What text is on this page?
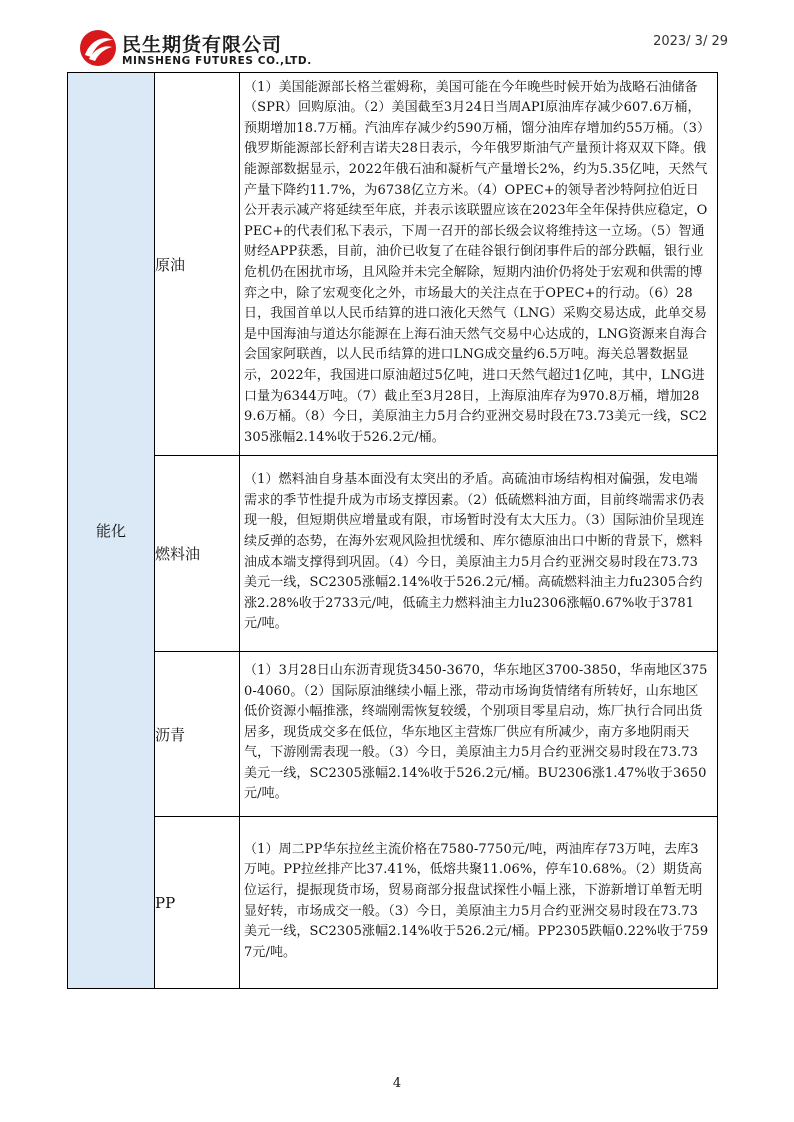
民生期货有限公司
MINSHENG FUTURES CO.,LTD.
2023/ 3/ 29
能化	原油	（1）美国能源部长格兰霍姆称，美国可能在今年晚些时候开始为战略石油储备（SPR）回购原油。（2）美国截至3月24日当周API原油库存减少607.6万桶，预期增加18.7万桶。汽油库存减少约590万桶，馏分油库存增加约55万桶。（3）俄罗斯能源部长舒利吉诺夫28日表示，今年俄罗斯油气产量预计将双双下降。俄能源部数据显示，2022年俄石油和凝析气产量增长2%，约为5.35亿吨，天然气产量下降约11.7%，为6738亿立方米。（4）OPEC+的领导者沙特阿拉伯近日公开表示减产将延续至年底，并表示该联盟应该在2023年全年保持供应稳定，OPEC+的代表们私下表示，下周一召开的部长级会议将维持这一立场。（5）智通财经APP获悉，目前，油价已收复了在硅谷银行倒闭事件后的部分跌幅，银行业危机仍在困扰市场，且风险并未完全解除，短期内油价仍将处于宏观和供需的博弈之中，除了宏观变化之外，市场最大的关注点在于OPEC+的行动。（6）28日，我国首单以人民币结算的进口液化天然气（LNG）采购交易达成，此单交易是中国海油与道达尔能源在上海石油天然气交易中心达成的，LNG资源来自海合会国家阿联酋，以人民币结算的进口LNG成交量约6.5万吨。海关总署数据显示，2022年，我国进口原油超过5亿吨，进口天然气超过1亿吨，其中，LNG进口量为6344万吨。（7）截止至3月28日，上海原油库存为970.8万桶，增加289.6万桶。（8）今日，美原油主力5月合约亚洲交易时段在73.73美元一线，SC2305涨幅2.14%收于526.2元/桶。

	燃料油	（1）燃料油自身基本面没有太突出的矛盾。高硫油市场结构相对偏强，发电端需求的季节性提升成为市场支撑因素。（2）低硫燃料油方面，目前终端需求仍表现一般，但短期供应增量或有限，市场暂时没有太大压力。（3）国际油价呈现连续反弹的态势，在海外宏观风险担忧缓和、库尔德原油出口中断的背景下，燃料油成本端支撑得到巩固。（4）今日，美原油主力5月合约亚洲交易时段在73.73美元一线，SC2305涨幅2.14%收于526.2元/桶。高硫燃料油主力fu2305合约涨2.28%收于2733元/吨，低硫主力燃料油主力lu2306涨幅0.67%收于3781元/吨。

	沥青	（1）3月28日山东沥青现货3450-3670，华东地区3700-3850，华南地区3750-4060。（2）国际原油继续小幅上涨，带动市场询货情绪有所转好，山东地区低价资源小幅推涨，终端刚需恢复较缓，个别项目零星启动，炼厂执行合同出货居多，现货成交多在低位，华东地区主营炼厂供应有所减少，南方多地阴雨天气，下游刚需表现一般。（3）今日，美原油主力5月合约亚洲交易时段在73.73美元一线，SC2305涨幅2.14%收于526.2元/桶。BU2306涨1.47%收于3650元/吨。

	PP	（1）周二PP华东拉丝主流价格在7580-7750元/吨，两油库存73万吨，去库3万吨。PP拉丝排产比37.41%，低熔共聚11.06%，停车10.68%。（2）期货高位运行，提振现货市场，贸易商部分报盘试探性小幅上涨，下游新增订单暂无明显好转，市场成交一般。（3）今日，美原油主力5月合约亚洲交易时段在73.73美元一线，SC2305涨幅2.14%收于526.2元/桶。PP2305跌幅0.22%收于7597元/吨。
4
